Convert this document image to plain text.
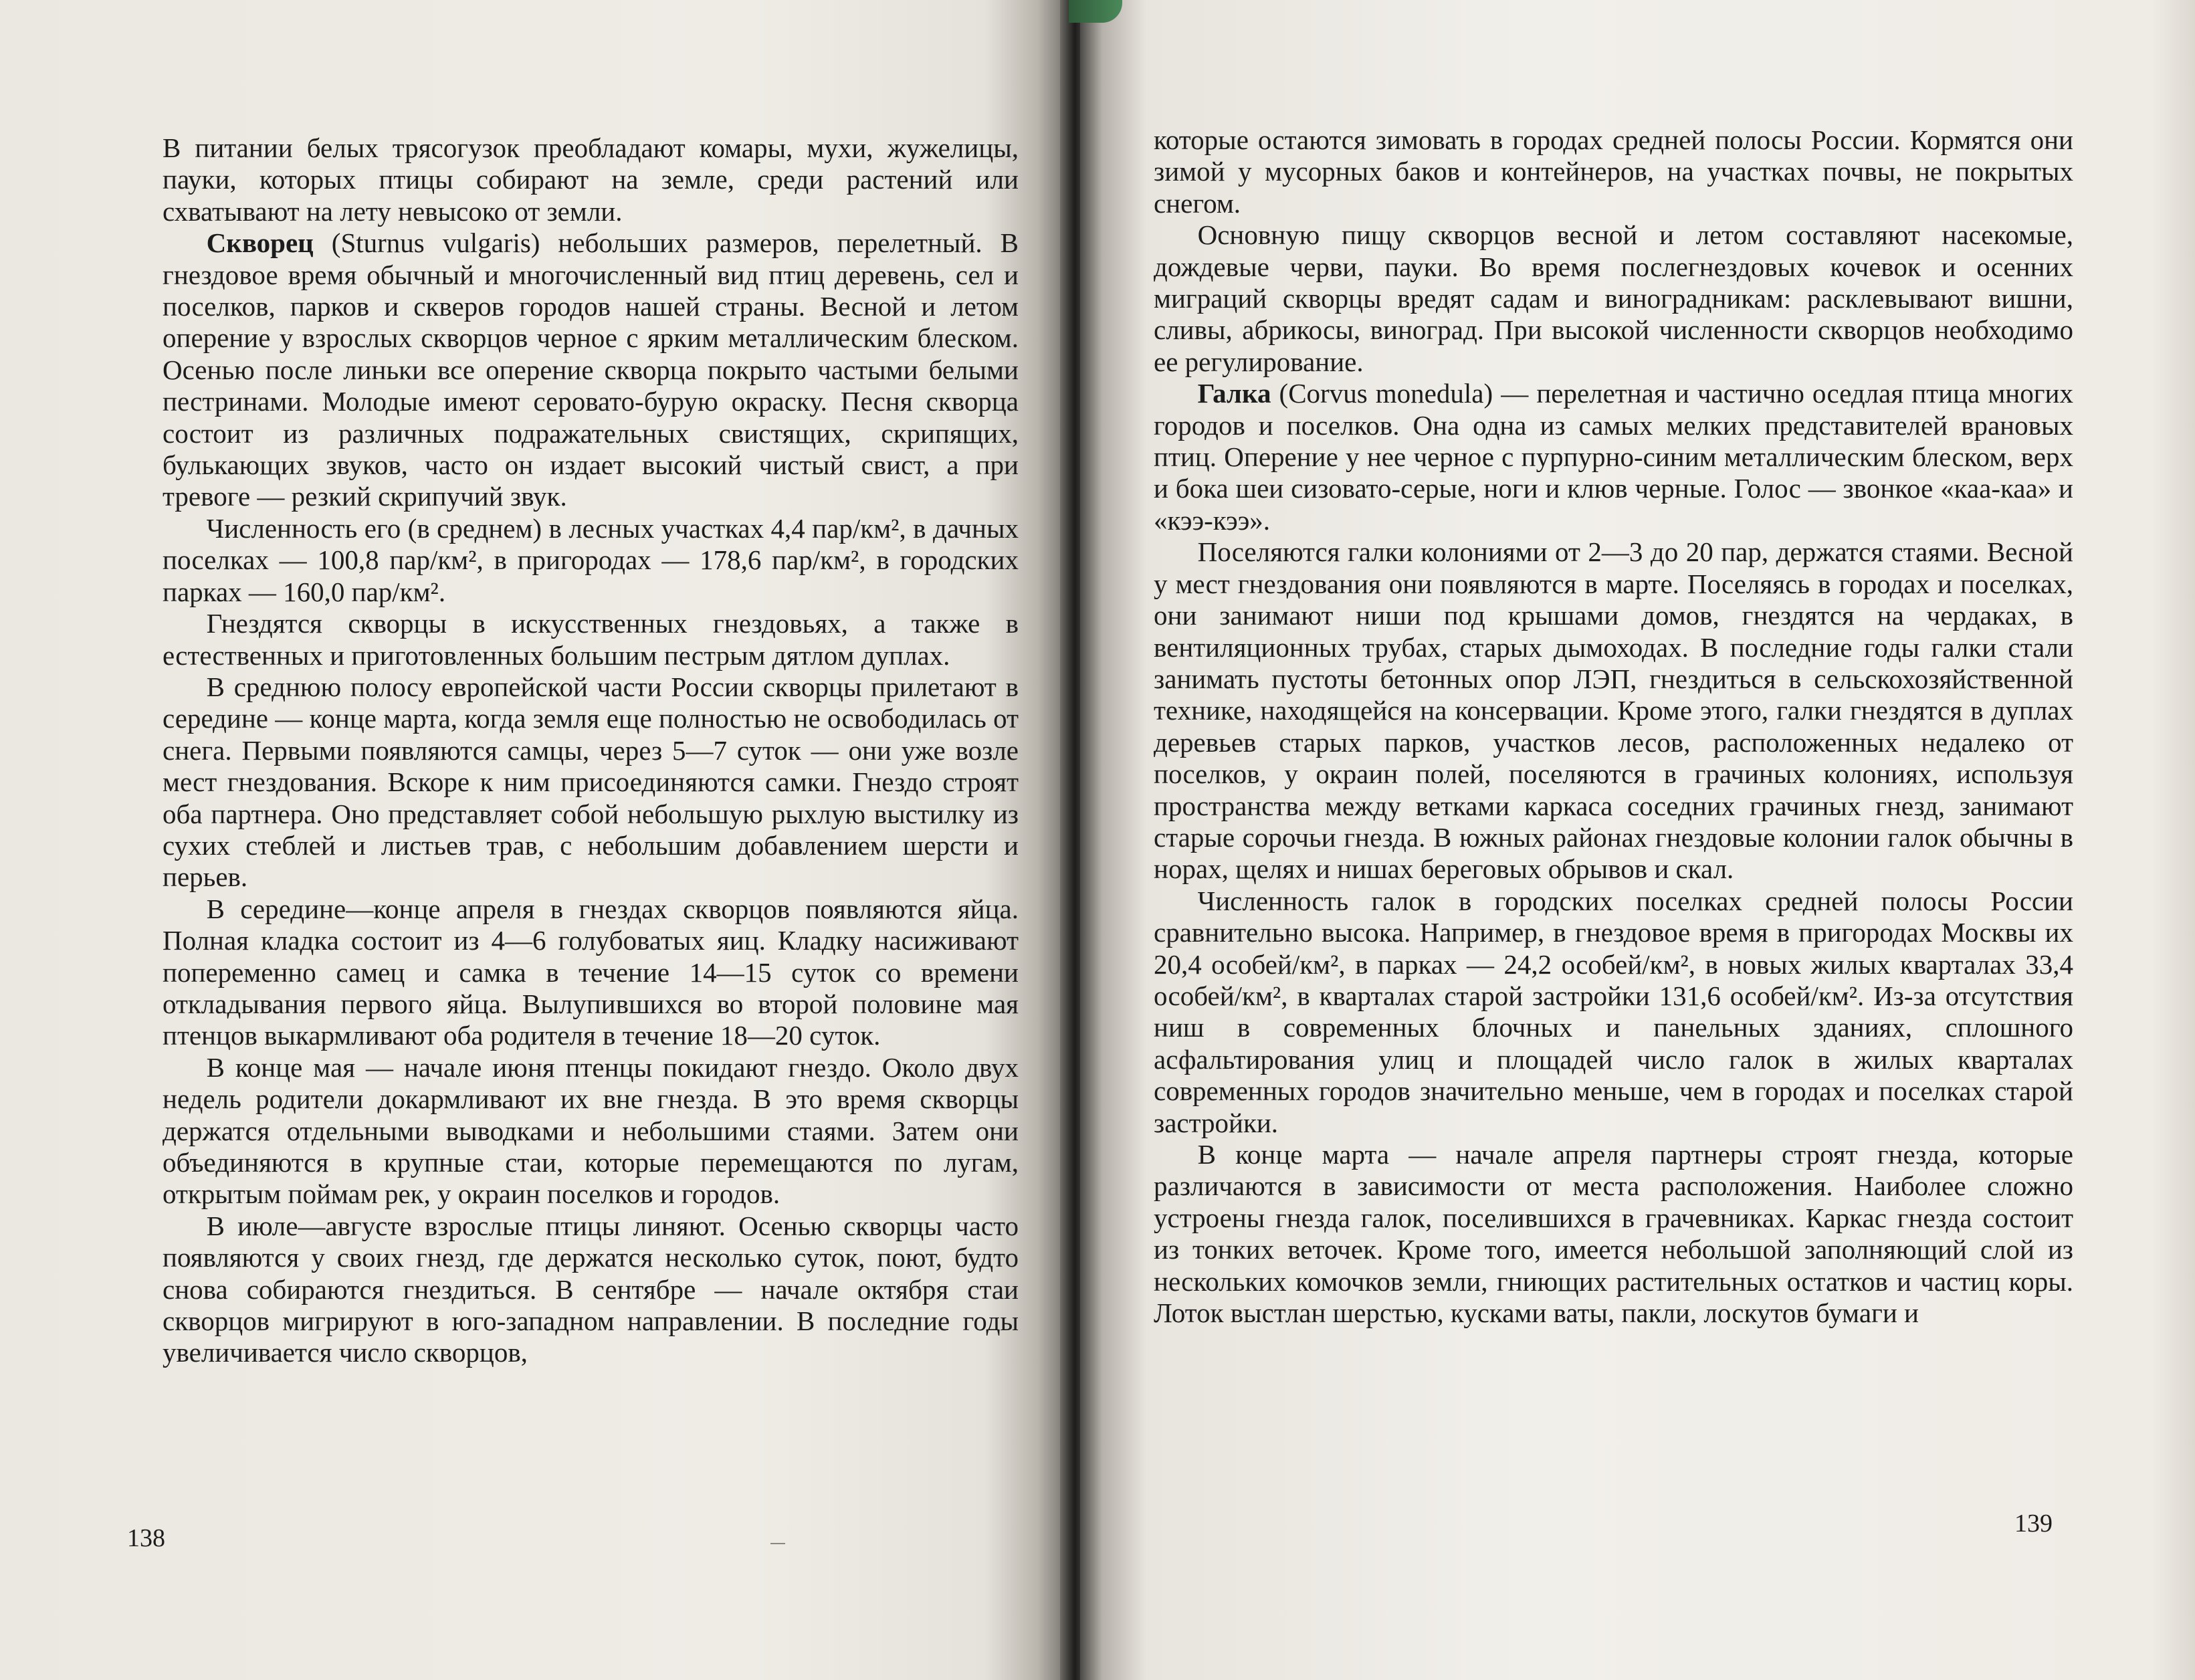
В питании белых трясогузок преобладают комары, мухи, жужелицы, пауки, которых птицы собирают на земле, среди растений или схватывают на лету невысоко от земли.

Скворец (Sturnus vulgaris) небольших размеров, перелетный. В гнездовое время обычный и многочисленный вид птиц деревень, сел и поселков, парков и скверов городов нашей страны. Весной и летом оперение у взрослых скворцов черное с ярким металлическим блеском. Осенью после линьки все оперение скворца покрыто частыми белыми пестринами. Молодые имеют серовато-бурую окраску. Песня скворца состоит из различных подражательных свистящих, скрипящих, булькающих звуков, часто он издает высокий чистый свист, а при тревоге — резкий скрипучий звук.

Численность его (в среднем) в лесных участках 4,4 пар/км², в дачных поселках — 100,8 пар/км², в пригородах — 178,6 пар/км², в городских парках — 160,0 пар/км².

Гнездятся скворцы в искусственных гнездовьях, а также в естественных и приготовленных большим пестрым дятлом дуплах.

В среднюю полосу европейской части России скворцы прилетают в середине — конце марта, когда земля еще полностью не освободилась от снега. Первыми появляются самцы, через 5—7 суток — они уже возле мест гнездования. Вскоре к ним присоединяются самки. Гнездо строят оба партнера. Оно представляет собой небольшую рыхлую выстилку из сухих стеблей и листьев трав, с небольшим добавлением шерсти и перьев.

В середине—конце апреля в гнездах скворцов появляются яйца. Полная кладка состоит из 4—6 голубоватых яиц. Кладку насиживают попеременно самец и самка в течение 14—15 суток со времени откладывания первого яйца. Вылупившихся во второй половине мая птенцов выкармливают оба родителя в течение 18—20 суток.

В конце мая — начале июня птенцы покидают гнездо. Около двух недель родители докармливают их вне гнезда. В это время скворцы держатся отдельными выводками и небольшими стаями. Затем они объединяются в крупные стаи, которые перемещаются по лугам, открытым поймам рек, у окраин поселков и городов.

В июле—августе взрослые птицы линяют. Осенью скворцы часто появляются у своих гнезд, где держатся несколько суток, поют, будто снова собираются гнездиться. В сентябре — начале октября стаи скворцов мигрируют в юго-западном направлении. В последние годы увеличивается число скворцов,

138

которые остаются зимовать в городах средней полосы России. Кормятся они зимой у мусорных баков и контейнеров, на участках почвы, не покрытых снегом.

Основную пищу скворцов весной и летом составляют насекомые, дождевые черви, пауки. Во время послегнездовых кочевок и осенних миграций скворцы вредят садам и виноградникам: расклевывают вишни, сливы, абрикосы, виноград. При высокой численности скворцов необходимо ее регулирование.

Галка (Corvus monedula) — перелетная и частично оседлая птица многих городов и поселков. Она одна из самых мелких представителей врановых птиц. Оперение у нее черное с пурпурно-синим металлическим блеском, верх и бока шеи сизовато-серые, ноги и клюв черные. Голос — звонкое «каа-каа» и «кээ-кээ».

Поселяются галки колониями от 2—3 до 20 пар, держатся стаями. Весной у мест гнездования они появляются в марте. Поселяясь в городах и поселках, они занимают ниши под крышами домов, гнездятся на чердаках, в вентиляционных трубах, старых дымоходах. В последние годы галки стали занимать пустоты бетонных опор ЛЭП, гнездиться в сельскохозяйственной технике, находящейся на консервации. Кроме этого, галки гнездятся в дуплах деревьев старых парков, участков лесов, расположенных недалеко от поселков, у окраин полей, поселяются в грачиных колониях, используя пространства между ветками каркаса соседних грачиных гнезд, занимают старые сорочьи гнезда. В южных районах гнездовые колонии галок обычны в норах, щелях и нишах береговых обрывов и скал.

Численность галок в городских поселках средней полосы России сравнительно высока. Например, в гнездовое время в пригородах Москвы их 20,4 особей/км², в парках — 24,2 особей/км², в новых жилых кварталах 33,4 особей/км², в кварталах старой застройки 131,6 особей/км². Из-за отсутствия ниш в современных блочных и панельных зданиях, сплошного асфальтирования улиц и площадей число галок в жилых кварталах современных городов значительно меньше, чем в городах и поселках старой застройки.

В конце марта — начале апреля партнеры строят гнезда, которые различаются в зависимости от места расположения. Наиболее сложно устроены гнезда галок, поселившихся в грачевниках. Каркас гнезда состоит из тонких веточек. Кроме того, имеется небольшой заполняющий слой из нескольких комочков земли, гниющих растительных остатков и частиц коры. Лоток выстлан шерстью, кусками ваты, пакли, лоскутов бумаги и

139
